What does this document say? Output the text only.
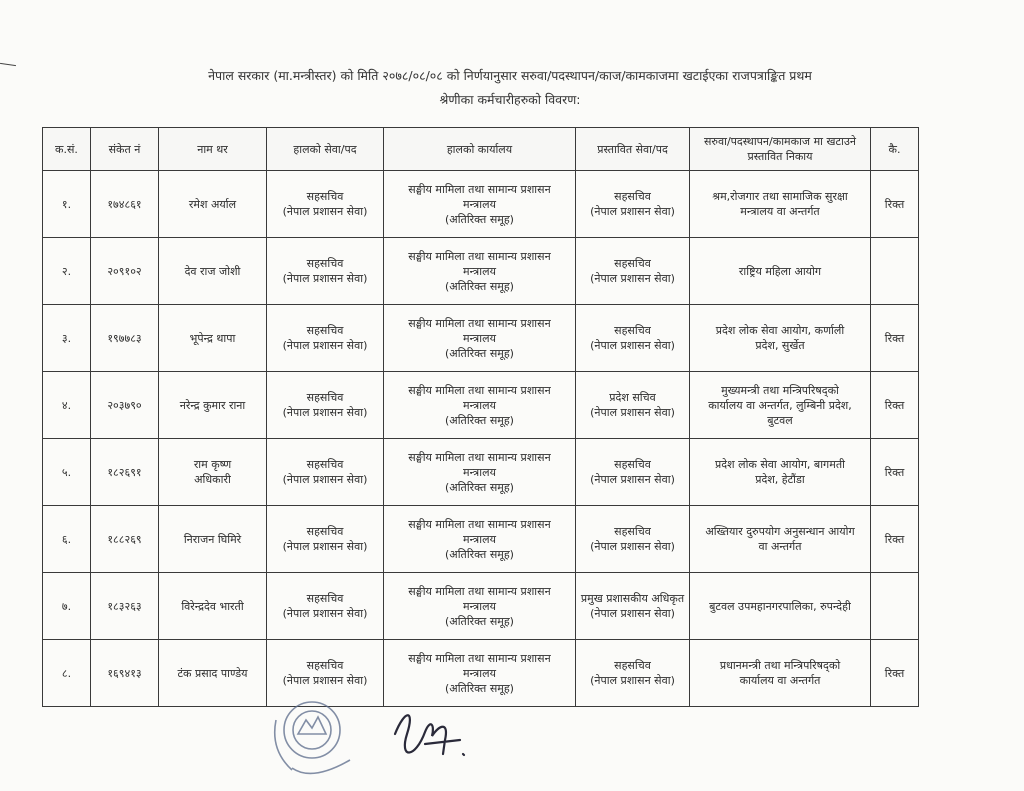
नेपाल सरकार (मा.मन्त्रीस्तर) को मिति २०७८/०८/०८ को निर्णयानुसार सरुवा/पदस्थापन/काज/कामकाजमा खटाईएका राजपत्राङ्कित प्रथम
श्रेणीका कर्मचारीहरुको विवरण:
क.सं.	संकेत नं	नाम थर	हालको सेवा/पद	हालको कार्यालय	प्रस्तावित सेवा/पद	सरुवा/पदस्थापन/कामकाज मा खटाउने प्रस्तावित निकाय	कै.
१.	१७४८६१	रमेश अर्याल	सहसचिव
(नेपाल प्रशासन सेवा)	सङ्घीय मामिला तथा सामान्य प्रशासन
मन्त्रालय
(अतिरिक्त समूह)	सहसचिव
(नेपाल प्रशासन सेवा)	श्रम,रोजगार तथा सामाजिक सुरक्षा
मन्त्रालय वा अन्तर्गत	रिक्त
२.	२०९१०२	देव राज जोशी	सहसचिव
(नेपाल प्रशासन सेवा)	सङ्घीय मामिला तथा सामान्य प्रशासन
मन्त्रालय
(अतिरिक्त समूह)	सहसचिव
(नेपाल प्रशासन सेवा)	राष्ट्रिय महिला आयोग	

३.	१९७७८३	भूपेन्द्र थापा	सहसचिव
(नेपाल प्रशासन सेवा)	सङ्घीय मामिला तथा सामान्य प्रशासन
मन्त्रालय
(अतिरिक्त समूह)	सहसचिव
(नेपाल प्रशासन सेवा)	प्रदेश लोक सेवा आयोग, कर्णाली
प्रदेश, सुर्खेत	रिक्त
४.	२०३७९०	नरेन्द्र कुमार राना	सहसचिव
(नेपाल प्रशासन सेवा)	सङ्घीय मामिला तथा सामान्य प्रशासन
मन्त्रालय
(अतिरिक्त समूह)	प्रदेश सचिव
(नेपाल प्रशासन सेवा)	मुख्यमन्त्री तथा मन्त्रिपरिषद्को
कार्यालय वा अन्तर्गत, लुम्बिनी प्रदेश,
बुटवल	रिक्त
५.	१८२६९१	राम कृष्ण
अधिकारी	सहसचिव
(नेपाल प्रशासन सेवा)	सङ्घीय मामिला तथा सामान्य प्रशासन
मन्त्रालय
(अतिरिक्त समूह)	सहसचिव
(नेपाल प्रशासन सेवा)	प्रदेश लोक सेवा आयोग, बागमती
प्रदेश, हेटौंडा	रिक्त
६.	१८८२६९	निराजन घिमिरे	सहसचिव
(नेपाल प्रशासन सेवा)	सङ्घीय मामिला तथा सामान्य प्रशासन
मन्त्रालय
(अतिरिक्त समूह)	सहसचिव
(नेपाल प्रशासन सेवा)	अख्तियार दुरुपयोग अनुसन्धान आयोग
वा अन्तर्गत	रिक्त
७.	१८३२६३	विरेन्द्रदेव भारती	सहसचिव
(नेपाल प्रशासन सेवा)	सङ्घीय मामिला तथा सामान्य प्रशासन
मन्त्रालय
(अतिरिक्त समूह)	प्रमुख प्रशासकीय अधिकृत
(नेपाल प्रशासन सेवा)	बुटवल उपमहानगरपालिका, रुपन्देही	

८.	१६९४१३	टंक प्रसाद पाण्डेय	सहसचिव
(नेपाल प्रशासन सेवा)	सङ्घीय मामिला तथा सामान्य प्रशासन
मन्त्रालय
(अतिरिक्त समूह)	सहसचिव
(नेपाल प्रशासन सेवा)	प्रधानमन्त्री तथा मन्त्रिपरिषद्को
कार्यालय वा अन्तर्गत	रिक्त
